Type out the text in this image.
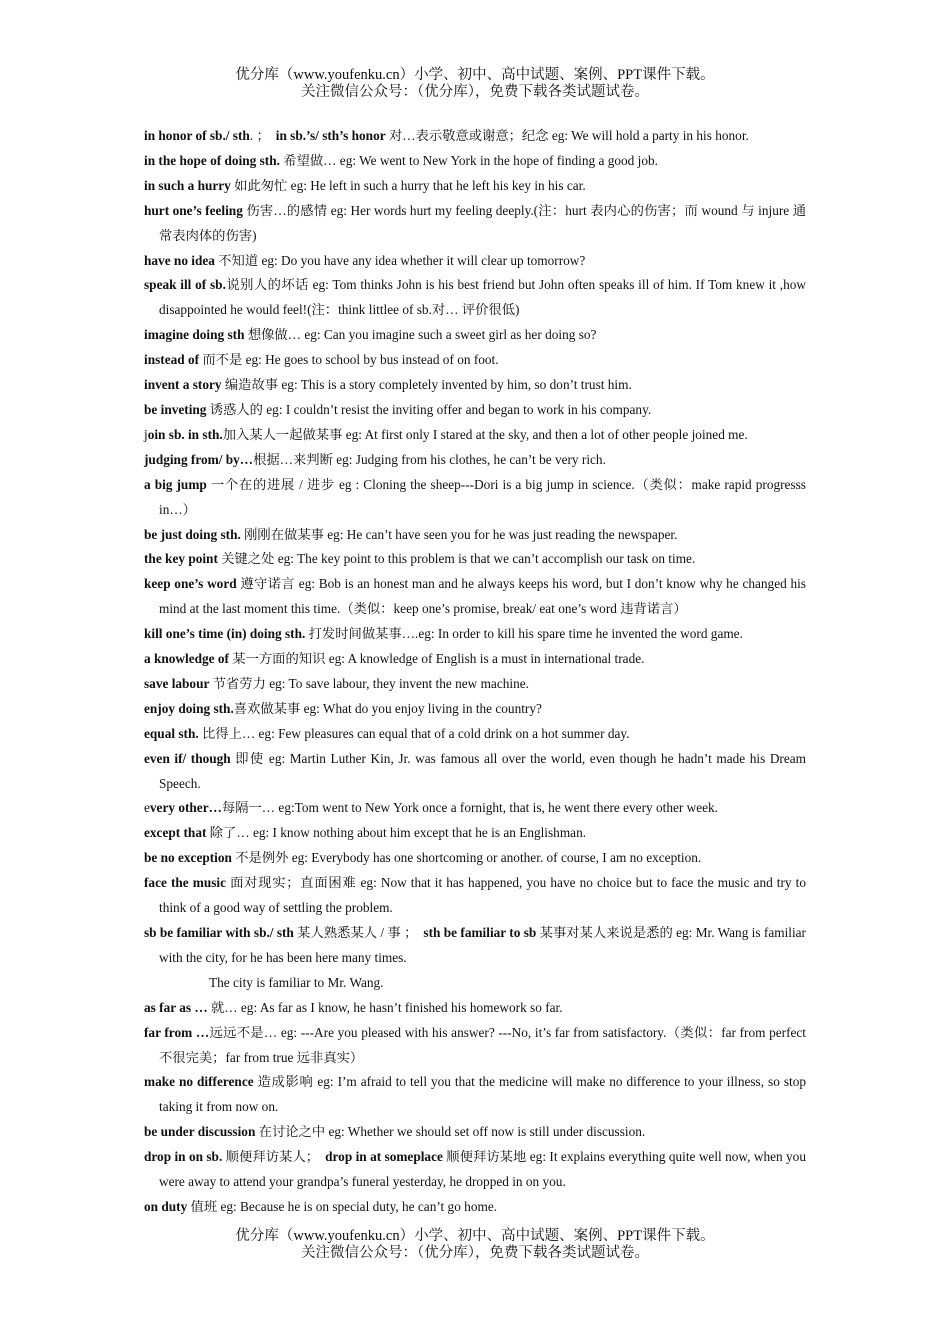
优分库（www.youfenku.cn）小学、初中、高中试题、案例、PPT课件下载。
关注微信公众号：（优分库），免费下载各类试题试卷。

in honor of sb./ sth. ； in sb.’s/ sth’s honor 对…表示敬意或谢意；纪念 eg: We will hold a party in his honor.

in the hope of doing sth. 希望做… eg: We went to New York in the hope of finding a good job.

in such a hurry 如此匆忙 eg: He left in such a hurry that he left his key in his car.

hurt one’s feeling 伤害…的感情 eg: Her words hurt my feeling deeply.(注：hurt 表内心的伤害；而 wound 与 injure 通常表肉体的伤害)

have no idea 不知道 eg: Do you have any idea whether it will clear up tomorrow?

speak ill of sb.说别人的坏话 eg: Tom thinks John is his best friend but John often speaks ill of him. If Tom knew it ,how disappointed he would feel!(注：think littlee of sb.对… 评价很低)

imagine doing sth 想像做… eg: Can you imagine such a sweet girl as her doing so?

instead of 而不是 eg: He goes to school by bus instead of on foot.

invent a story 编造故事 eg: This is a story completely invented by him, so don’t trust him.

be inveting 诱惑人的 eg: I couldn’t resist the inviting offer and began to work in his company.

join sb. in sth.加入某人一起做某事 eg: At first only I stared at the sky, and then a lot of other people joined me.

judging from/ by…根据…来判断 eg: Judging from his clothes, he can’t be very rich.

a big jump 一个在的进展 / 进步 eg : Cloning the sheep---Dori is a big jump in science.（类似：make rapid progresss in…）

be just doing sth. 刚刚在做某事 eg: He can’t have seen you for he was just reading the newspaper.

the key point 关键之处 eg: The key point to this problem is that we can’t accomplish our task on time.

keep one’s word 遵守诺言 eg: Bob is an honest man and he always keeps his word, but I don’t know why he changed his mind at the last moment this time.（类似：keep one’s promise, break/ eat one’s word 违背诺言）

kill one’s time (in) doing sth. 打发时间做某事….eg: In order to kill his spare time he invented the word game.

a knowledge of 某一方面的知识 eg: A knowledge of English is a must in international trade.

save labour 节省劳力 eg: To save labour, they invent the new machine.

enjoy doing sth.喜欢做某事 eg: What do you enjoy living in the country?

equal sth. 比得上… eg: Few pleasures can equal that of a cold drink on a hot summer day.

even if/ though 即使 eg: Martin Luther Kin, Jr. was famous all over the world, even though he hadn’t made his Dream Speech.

every other…每隔一… eg:Tom went to New York once a fornight, that is, he went there every other week.

except that 除了… eg: I know nothing about him except that he is an Englishman.

be no exception 不是例外 eg: Everybody has one shortcoming or another. of course, I am no exception.

face the music 面对现实；直面困难 eg: Now that it has happened, you have no choice but to face the music and try to think of a good way of settling the problem.

sb be familiar with sb./ sth 某人熟悉某人 / 事 ； sth be familiar to sb 某事对某人来说是悉的 eg: Mr. Wang is familiar with the city, for he has been here many times.

The city is familiar to Mr. Wang.

as far as … 就… eg: As far as I know, he hasn’t finished his homework so far.

far from …远远不是… eg: ---Are you pleased with his answer? ---No, it’s far from satisfactory.（类似：far from perfect 不很完美；far from true 远非真实）

make no difference 造成影响 eg: I’m afraid to tell you that the medicine will make no difference to your illness, so stop taking it from now on.

be under discussion 在讨论之中 eg: Whether we should set off now is still under discussion.

drop in on sb. 顺便拜访某人； drop in at someplace 顺便拜访某地 eg: It explains everything quite well now, when you were away to attend your grandpa’s funeral yesterday, he dropped in on you.

on duty 值班 eg: Because he is on special duty, he can’t go home.

优分库（www.youfenku.cn）小学、初中、高中试题、案例、PPT课件下载。
关注微信公众号：（优分库），免费下载各类试题试卷。
